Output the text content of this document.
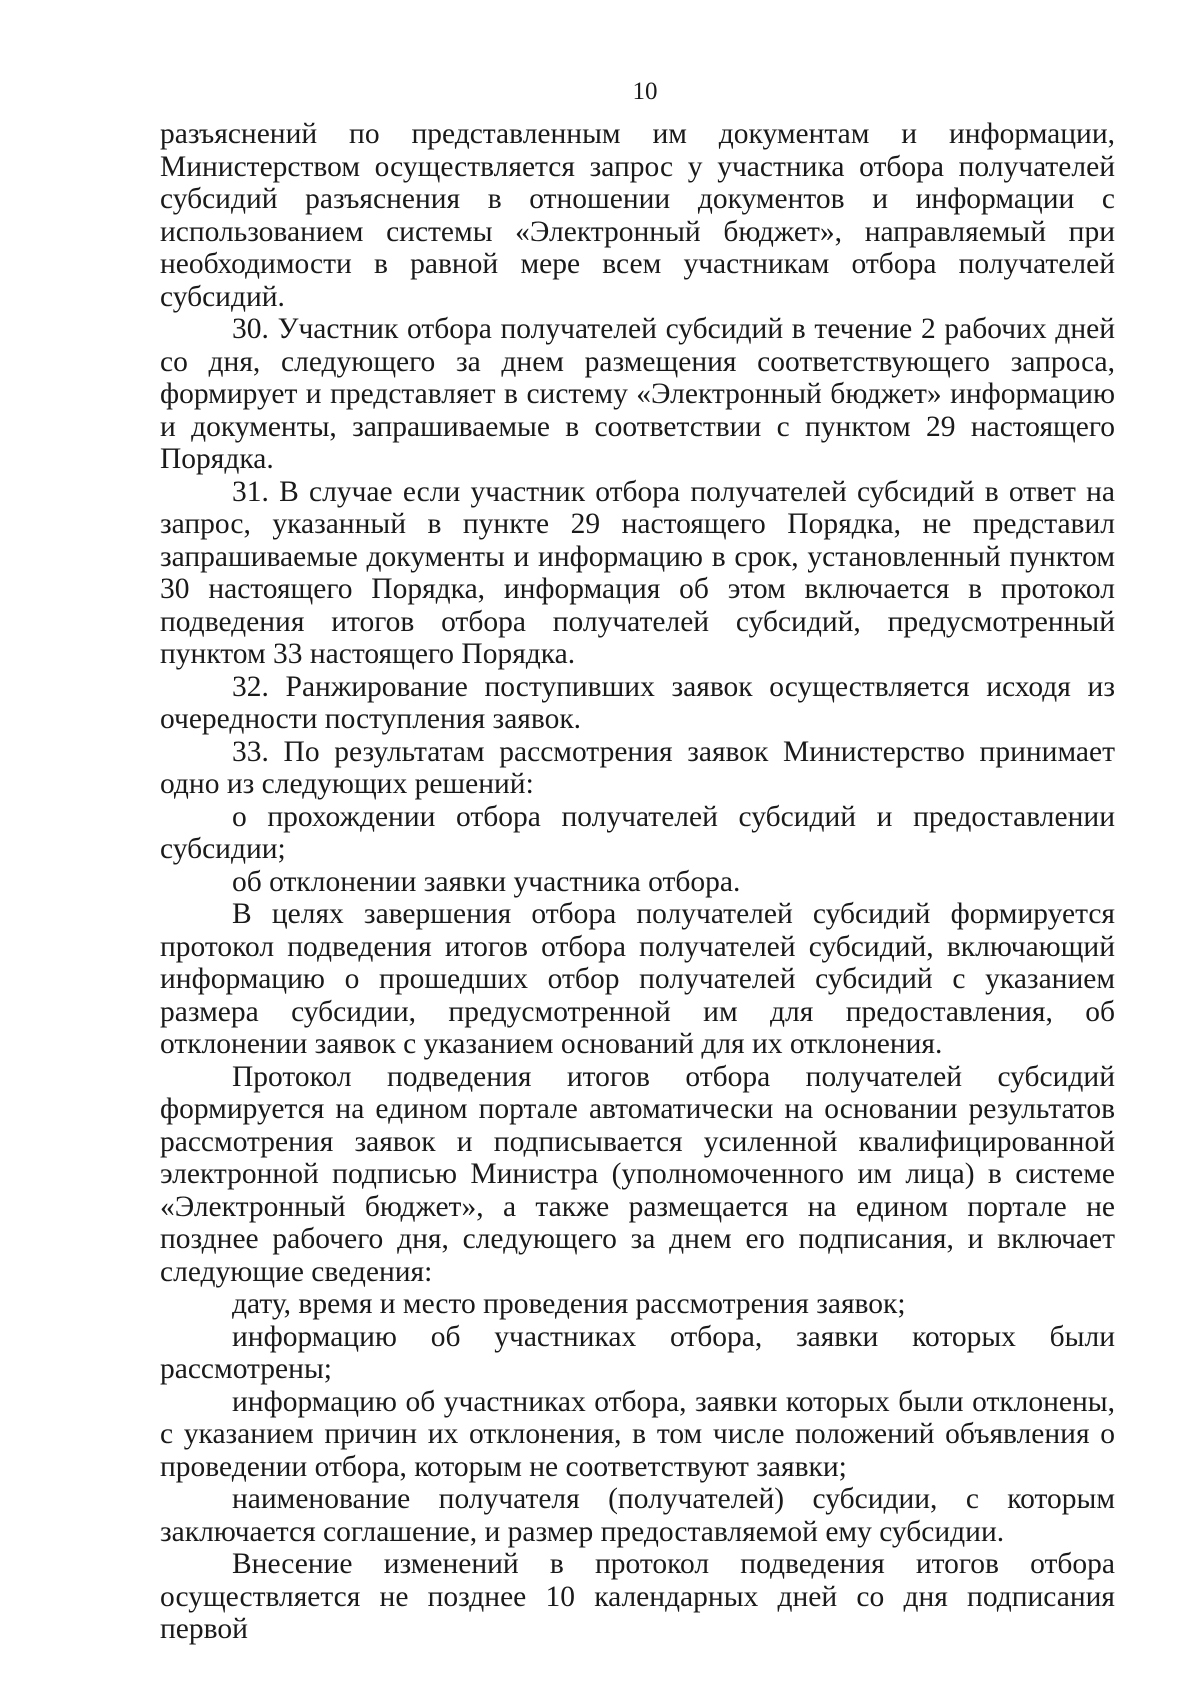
10

разъяснений по представленным им документам и информации, Министерством осуществляется запрос у участника отбора получателей субсидий разъяснения в отношении документов и информации с использованием системы «Электронный бюджет», направляемый при необходимости в равной мере всем участникам отбора получателей субсидий.

30. Участник отбора получателей субсидий в течение 2 рабочих дней со дня, следующего за днем размещения соответствующего запроса, формирует и представляет в систему «Электронный бюджет» информацию и документы, запрашиваемые в соответствии с пунктом 29 настоящего Порядка.

31. В случае если участник отбора получателей субсидий в ответ на запрос, указанный в пункте 29 настоящего Порядка, не представил запрашиваемые документы и информацию в срок, установленный пунктом 30 настоящего Порядка, информация об этом включается в протокол подведения итогов отбора получателей субсидий, предусмотренный пунктом 33 настоящего Порядка.

32. Ранжирование поступивших заявок осуществляется исходя из очередности поступления заявок.

33. По результатам рассмотрения заявок Министерство принимает одно из следующих решений:

о прохождении отбора получателей субсидий и предоставлении субсидии;

об отклонении заявки участника отбора.

В целях завершения отбора получателей субсидий формируется протокол подведения итогов отбора получателей субсидий, включающий информацию о прошедших отбор получателей субсидий с указанием размера субсидии, предусмотренной им для предоставления, об отклонении заявок с указанием оснований для их отклонения.

Протокол подведения итогов отбора получателей субсидий формируется на едином портале автоматически на основании результатов рассмотрения заявок и подписывается усиленной квалифицированной электронной подписью Министра (уполномоченного им лица) в системе «Электронный бюджет», а также размещается на едином портале не позднее рабочего дня, следующего за днем его подписания, и включает следующие сведения:

дату, время и место проведения рассмотрения заявок;

информацию об участниках отбора, заявки которых были рассмотрены;

информацию об участниках отбора, заявки которых были отклонены, с указанием причин их отклонения, в том числе положений объявления о проведении отбора, которым не соответствуют заявки;

наименование получателя (получателей) субсидии, с которым заключается соглашение, и размер предоставляемой ему субсидии.

Внесение изменений в протокол подведения итогов отбора осуществляется не позднее 10 календарных дней со дня подписания первой
